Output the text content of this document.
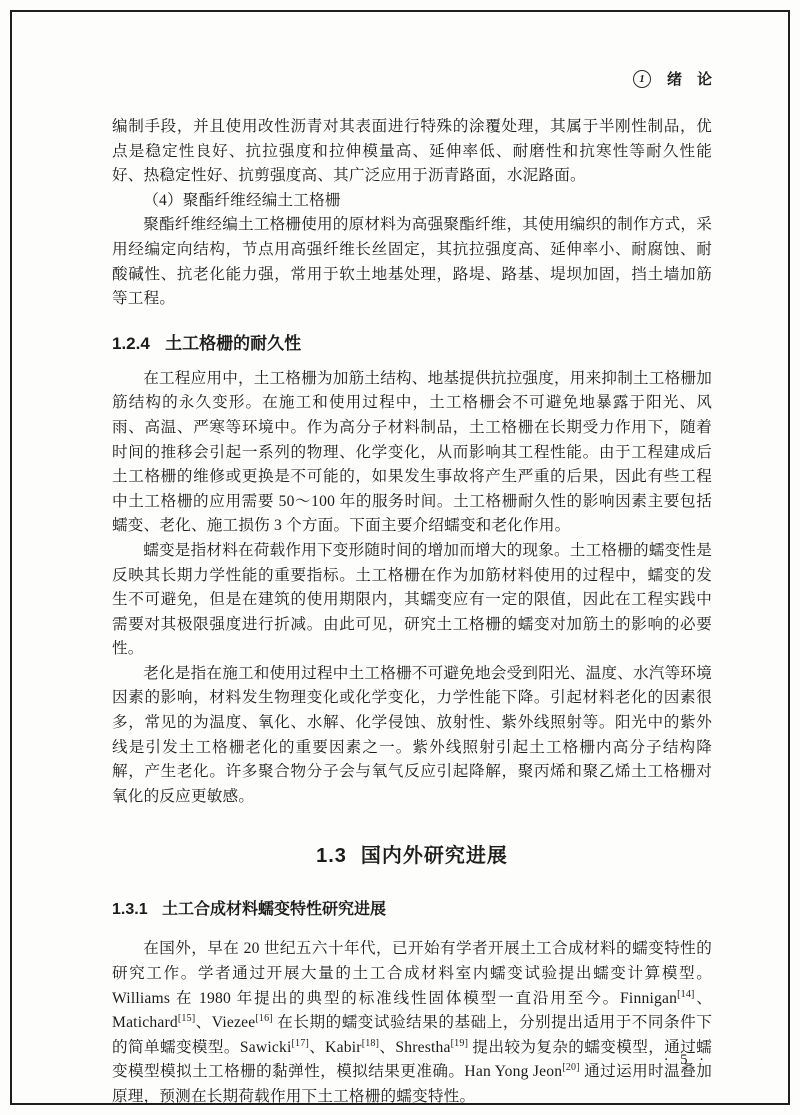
1	绪　论

编制手段，并且使用改性沥青对其表面进行特殊的涂覆处理，其属于半刚性制品，优点是稳定性良好、抗拉强度和拉伸模量高、延伸率低、耐磨性和抗寒性等耐久性能好、热稳定性好、抗剪强度高、其广泛应用于沥青路面，水泥路面。

（4）聚酯纤维经编土工格栅

聚酯纤维经编土工格栅使用的原材料为高强聚酯纤维，其使用编织的制作方式，采用经编定向结构，节点用高强纤维长丝固定，其抗拉强度高、延伸率小、耐腐蚀、耐酸碱性、抗老化能力强，常用于软土地基处理，路堤、路基、堤坝加固，挡土墙加筋等工程。

1.2.4 土工格栅的耐久性

在工程应用中，土工格栅为加筋土结构、地基提供抗拉强度，用来抑制土工格栅加筋结构的永久变形。在施工和使用过程中，土工格栅会不可避免地暴露于阳光、风雨、高温、严寒等环境中。作为高分子材料制品，土工格栅在长期受力作用下，随着时间的推移会引起一系列的物理、化学变化，从而影响其工程性能。由于工程建成后土工格栅的维修或更换是不可能的，如果发生事故将产生严重的后果，因此有些工程中土工格栅的应用需要 50～100 年的服务时间。土工格栅耐久性的影响因素主要包括蠕变、老化、施工损伤 3 个方面。下面主要介绍蠕变和老化作用。

蠕变是指材料在荷载作用下变形随时间的增加而增大的现象。土工格栅的蠕变性是反映其长期力学性能的重要指标。土工格栅在作为加筋材料使用的过程中，蠕变的发生不可避免，但是在建筑的使用期限内，其蠕变应有一定的限值，因此在工程实践中需要对其极限强度进行折减。由此可见，研究土工格栅的蠕变对加筋土的影响的必要性。

老化是指在施工和使用过程中土工格栅不可避免地会受到阳光、温度、水汽等环境因素的影响，材料发生物理变化或化学变化，力学性能下降。引起材料老化的因素很多，常见的为温度、氧化、水解、化学侵蚀、放射性、紫外线照射等。阳光中的紫外线是引发土工格栅老化的重要因素之一。紫外线照射引起土工格栅内高分子结构降解，产生老化。许多聚合物分子会与氧气反应引起降解，聚丙烯和聚乙烯土工格栅对氧化的反应更敏感。

1.3 国内外研究进展
1.3.1 土工合成材料蠕变特性研究进展

在国外，早在 20 世纪五六十年代，已开始有学者开展土工合成材料的蠕变特性的研究工作。学者通过开展大量的土工合成材料室内蠕变试验提出蠕变计算模型。Williams 在 1980 年提出的典型的标准线性固体模型一直沿用至今。Finnigan[14]、Matichard[15]、Viezee[16] 在长期的蠕变试验结果的基础上，分别提出适用于不同条件下的简单蠕变模型。Sawicki[17]、Kabir[18]、Shrestha[19] 提出较为复杂的蠕变模型，通过蠕变模型模拟土工格栅的黏弹性，模拟结果更准确。Han Yong Jeon[20] 通过运用时温叠加原理，预测在长期荷载作用下土工格栅的蠕变特性。

· 5 ·
